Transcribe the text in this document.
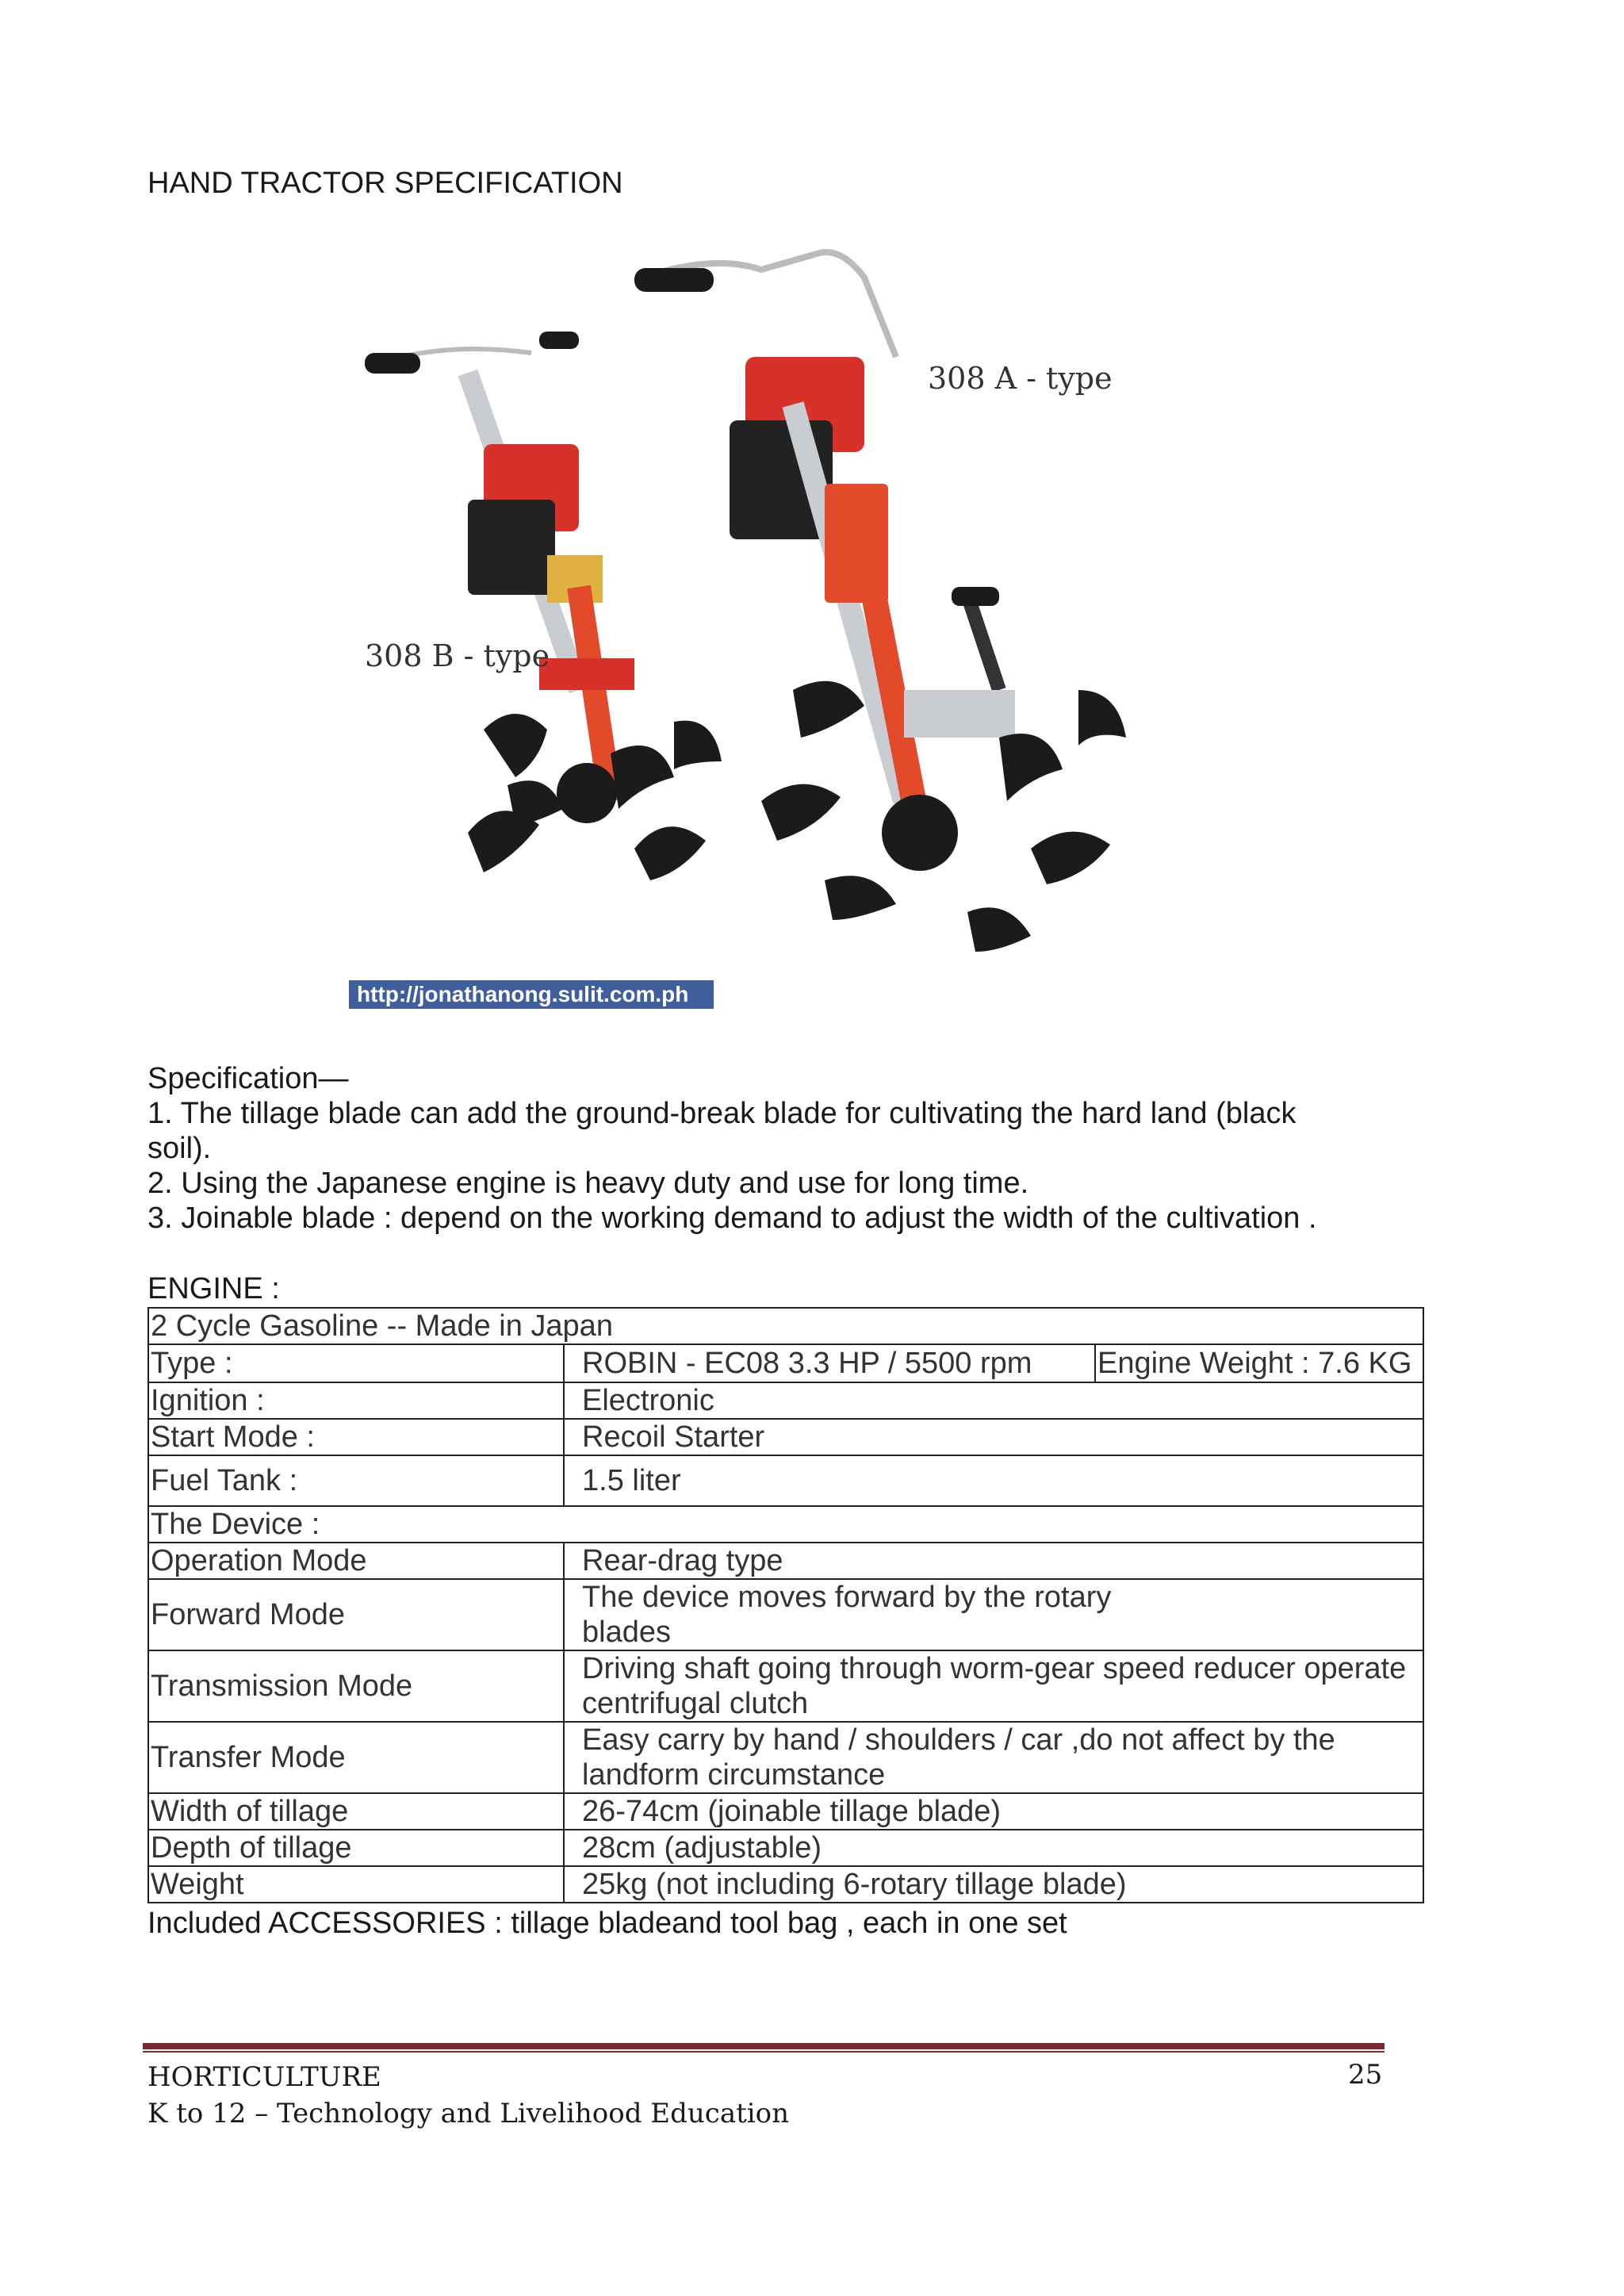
HAND TRACTOR SPECIFICATION
308 A - type
308 B - type
http://jonathanong.sulit.com.ph
Specification—
1. The tillage blade can add the ground-break blade for cultivating the hard land (black
soil).
2. Using the Japanese engine is heavy duty and use for long time.
3. Joinable blade : depend on the working demand to adjust the width of the cultivation .
ENGINE :
2 Cycle Gasoline -- Made in Japan		
Type :	ROBIN - EC08 3.3 HP / 5500 rpm	Engine Weight : 7.6 KG
Ignition :	Electronic	
Start Mode :	Recoil Starter	
Fuel Tank :	1.5 liter	
The Device :		
Operation Mode	Rear-drag type	
Forward Mode	The device moves forward by the rotary
blades	

Transmission Mode	Driving shaft going through worm-gear speed reducer operate
centrifugal clutch	

Transfer Mode	Easy carry by hand / shoulders / car ,do not affect by the
landform circumstance	

Width of tillage	26-74cm (joinable tillage blade)	
Depth of tillage	28cm (adjustable)	
Weight	25kg (not including 6-rotary tillage blade)	
Included ACCESSORIES : tillage bladeand tool bag , each in one set
HORTICULTURE
K to 12 – Technology and Livelihood Education
25
